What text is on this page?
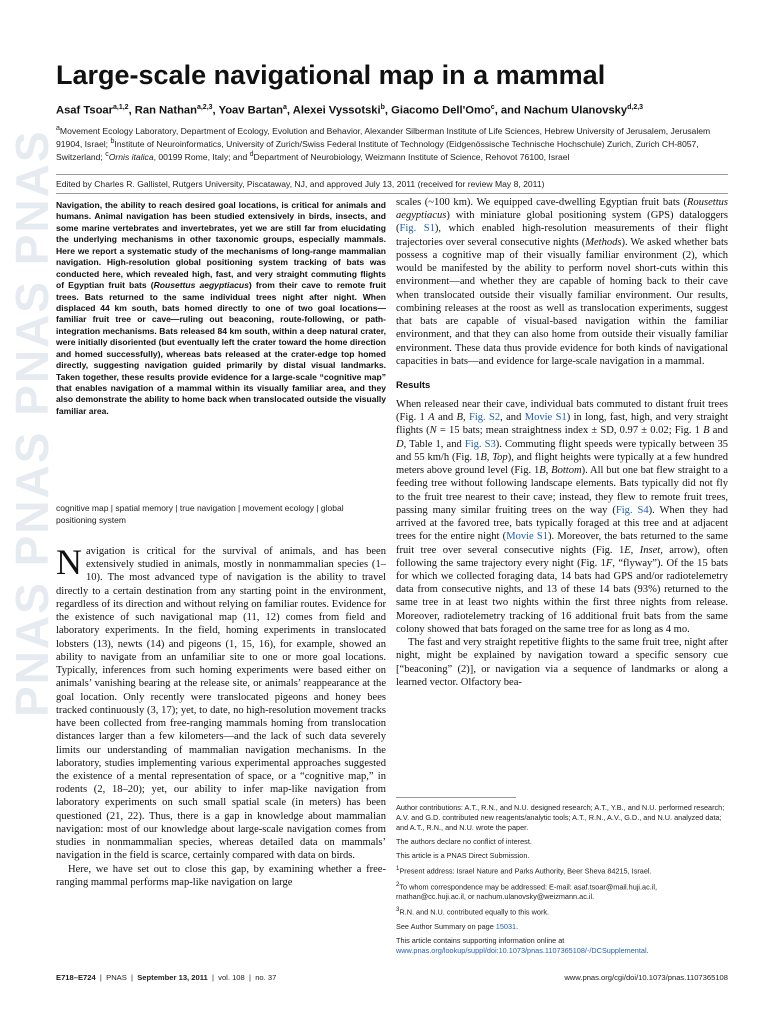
PNAS PNAS PNAS PNAS
Large-scale navigational map in a mammal
Asaf Tsoar$^{a,1,2}$, Ran Nathan$^{a,2,3}$, Yoav Bartan$^a$, Alexei Vyssotski$^b$, Giacomo Dell'Omo$^c$, and Nachum Ulanovsky$^{d,2,3}$
$^a$Movement Ecology Laboratory, Department of Ecology, Evolution and Behavior, Alexander Silberman Institute of Life Sciences, Hebrew University of Jerusalem, Jerusalem 91904, Israel; $^b$Institute of Neuroinformatics, University of Zurich/Swiss Federal Institute of Technology (Eidgenössische Technische Hochschule) Zurich, Zurich CH-8057, Switzerland; $^c$Ornis italica, 00199 Rome, Italy; and $^d$Department of Neurobiology, Weizmann Institute of Science, Rehovot 76100, Israel
Edited by Charles R. Gallistel, Rutgers University, Piscataway, NJ, and approved July 13, 2011 (received for review May 8, 2011)
Navigation, the ability to reach desired goal locations, is critical for animals and humans. Animal navigation has been studied extensively in birds, insects, and some marine vertebrates and invertebrates, yet we are still far from elucidating the underlying mechanisms in other taxonomic groups, especially mammals. Here we report a systematic study of the mechanisms of long-range mammalian navigation. High-resolution global positioning system tracking of bats was conducted here, which revealed high, fast, and very straight commuting flights of Egyptian fruit bats (Rousettus aegyptiacus) from their cave to remote fruit trees. Bats returned to the same individual trees night after night. When displaced 44 km south, bats homed directly to one of two goal locations—familiar fruit tree or cave—ruling out beaconing, route-following, or path-integration mechanisms. Bats released 84 km south, within a deep natural crater, were initially disoriented (but eventually left the crater toward the home direction and homed successfully), whereas bats released at the crater-edge top homed directly, suggesting navigation guided primarily by distal visual landmarks. Taken together, these results provide evidence for a large-scale “cognitive map” that enables navigation of a mammal within its visually familiar area, and they also demonstrate the ability to home back when translocated outside the visually familiar area.
cognitive map | spatial memory | true navigation | movement ecology | global positioning system

Navigation is critical for the survival of animals, and has been extensively studied in animals, mostly in nonmammalian species (1–10). The most advanced type of navigation is the ability to travel directly to a certain destination from any starting point in the environment, regardless of its direction and without relying on familiar routes. Evidence for the existence of such navigational map (11, 12) comes from field and laboratory experiments. In the field, homing experiments in translocated lobsters (13), newts (14) and pigeons (1, 15, 16), for example, showed an ability to navigate from an unfamiliar site to one or more goal locations. Typically, inferences from such homing experiments were based either on animals’ vanishing bearing at the release site, or animals’ reappearance at the goal location. Only recently were translocated pigeons and honey bees tracked continuously (3, 17); yet, to date, no high-resolution movement tracks have been collected from free-ranging mammals homing from translocation distances larger than a few kilometers—and the lack of such data severely limits our understanding of mammalian navigation mechanisms. In the laboratory, studies implementing various experimental approaches suggested the existence of a mental representation of space, or a “cognitive map,” in rodents (2, 18–20); yet, our ability to infer map-like navigation from laboratory experiments on such small spatial scale (in meters) has been questioned (21, 22). Thus, there is a gap in knowledge about mammalian navigation: most of our knowledge about large-scale navigation comes from studies in nonmammalian species, whereas detailed data on mammals’ navigation in the field is scarce, certainly compared with data on birds.

Here, we have set out to close this gap, by examining whether a free-ranging mammal performs map-like navigation on large

scales (~100 km). We equipped cave-dwelling Egyptian fruit bats (Rousettus aegyptiacus) with miniature global positioning system (GPS) dataloggers (Fig. S1), which enabled high-resolution measurements of their flight trajectories over several consecutive nights (Methods). We asked whether bats possess a cognitive map of their visually familiar environment (2), which would be manifested by the ability to perform novel short-cuts within this environment—and whether they are capable of homing back to their cave when translocated outside their visually familiar environment. Our results, combining releases at the roost as well as translocation experiments, suggest that bats are capable of visual-based navigation within the familiar environment, and that they can also home from outside their visually familiar environment. These data thus provide evidence for both kinds of navigational capacities in bats—and evidence for large-scale navigation in a mammal.

Results

When released near their cave, individual bats commuted to distant fruit trees (Fig. 1 A and B, Fig. S2, and Movie S1) in long, fast, high, and very straight flights (N = 15 bats; mean straightness index ± SD, 0.97 ± 0.02; Fig. 1 B and D, Table 1, and Fig. S3). Commuting flight speeds were typically between 35 and 55 km/h (Fig. 1B, Top), and flight heights were typically at a few hundred meters above ground level (Fig. 1B, Bottom). All but one bat flew straight to a feeding tree without following landscape elements. Bats typically did not fly to the fruit tree nearest to their cave; instead, they flew to remote fruit trees, passing many similar fruiting trees on the way (Fig. S4). When they had arrived at the favored tree, bats typically foraged at this tree and at adjacent trees for the entire night (Movie S1). Moreover, the bats returned to the same fruit tree over several consecutive nights (Fig. 1E, Inset, arrow), often following the same trajectory every night (Fig. 1F, “flyway”). Of the 15 bats for which we collected foraging data, 14 bats had GPS and/or radiotelemetry data from consecutive nights, and 13 of these 14 bats (93%) returned to the same tree in at least two nights within the first three nights from release. Moreover, radiotelemetry tracking of 16 additional fruit bats from the same colony showed that bats foraged on the same tree for as long as 4 mo.

The fast and very straight repetitive flights to the same fruit tree, night after night, might be explained by navigation toward a specific sensory cue [“beaconing” (2)], or navigation via a sequence of landmarks or along a learned vector. Olfactory bea-

Author contributions: A.T., R.N., and N.U. designed research; A.T., Y.B., and N.U. performed research; A.V. and G.D. contributed new reagents/analytic tools; A.T., R.N., A.V., G.D., and N.U. analyzed data; and A.T., R.N., and N.U. wrote the paper.

The authors declare no conflict of interest.

This article is a PNAS Direct Submission.

$^1$Present address: Israel Nature and Parks Authority, Beer Sheva 84215, Israel.

$^2$To whom correspondence may be addressed: E-mail: asaf.tsoar@mail.huji.ac.il, rnathan@cc.huji.ac.il, or nachum.ulanovsky@weizmann.ac.il.

$^3$R.N. and N.U. contributed equally to this work.

See Author Summary on page 15031.

This article contains supporting information online at www.pnas.org/lookup/suppl/doi:10.1073/pnas.1107365108/-/DCSupplemental.

E718–E724  |  PNAS  |  September 13, 2011  |  vol. 108  |  no. 37	www.pnas.org/cgi/doi/10.1073/pnas.1107365108
